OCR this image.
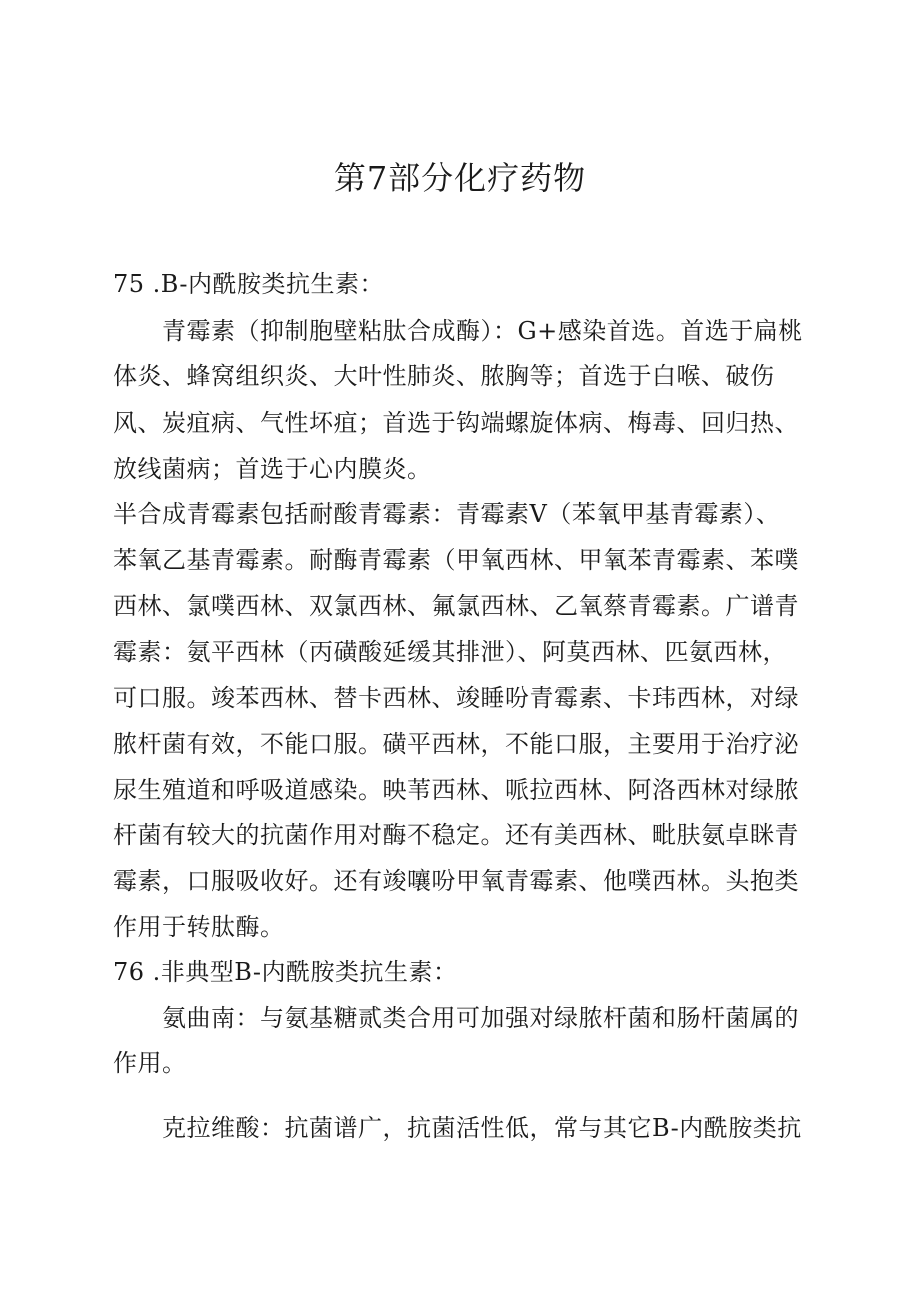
第7部分化疗药物
75 .B-内酰胺类抗生素：
青霉素（抑制胞壁粘肽合成酶）：G+感染首选。首选于扁桃
体炎、蜂窝组织炎、大叶性肺炎、脓胸等；首选于白喉、破伤
风、炭疽病、气性坏疽；首选于钩端螺旋体病、梅毒、回归热、
放线菌病；首选于心内膜炎。
半合成青霉素包括耐酸青霉素：青霉素V（苯氧甲基青霉素）、
苯氧乙基青霉素。耐酶青霉素（甲氧西林、甲氧苯青霉素、苯噗
西林、氯噗西林、双氯西林、氟氯西林、乙氧蔡青霉素。广谱青
霉素：氨平西林（丙磺酸延缓其排泄）、阿莫西林、匹氨西林，
可口服。竣苯西林、替卡西林、竣睡吩青霉素、卡玮西林，对绿
脓杆菌有效，不能口服。磺平西林，不能口服，主要用于治疗泌
尿生殖道和呼吸道感染。映苇西林、哌拉西林、阿洛西林对绿脓
杆菌有较大的抗菌作用对酶不稳定。还有美西林、毗肤氨卓眯青
霉素，口服吸收好。还有竣嚷吩甲氧青霉素、他噗西林。头抱类
作用于转肽酶。
76 .非典型B-内酰胺类抗生素：
氨曲南：与氨基糖贰类合用可加强对绿脓杆菌和肠杆菌属的
作用。
克拉维酸：抗菌谱广，抗菌活性低，常与其它B-内酰胺类抗
